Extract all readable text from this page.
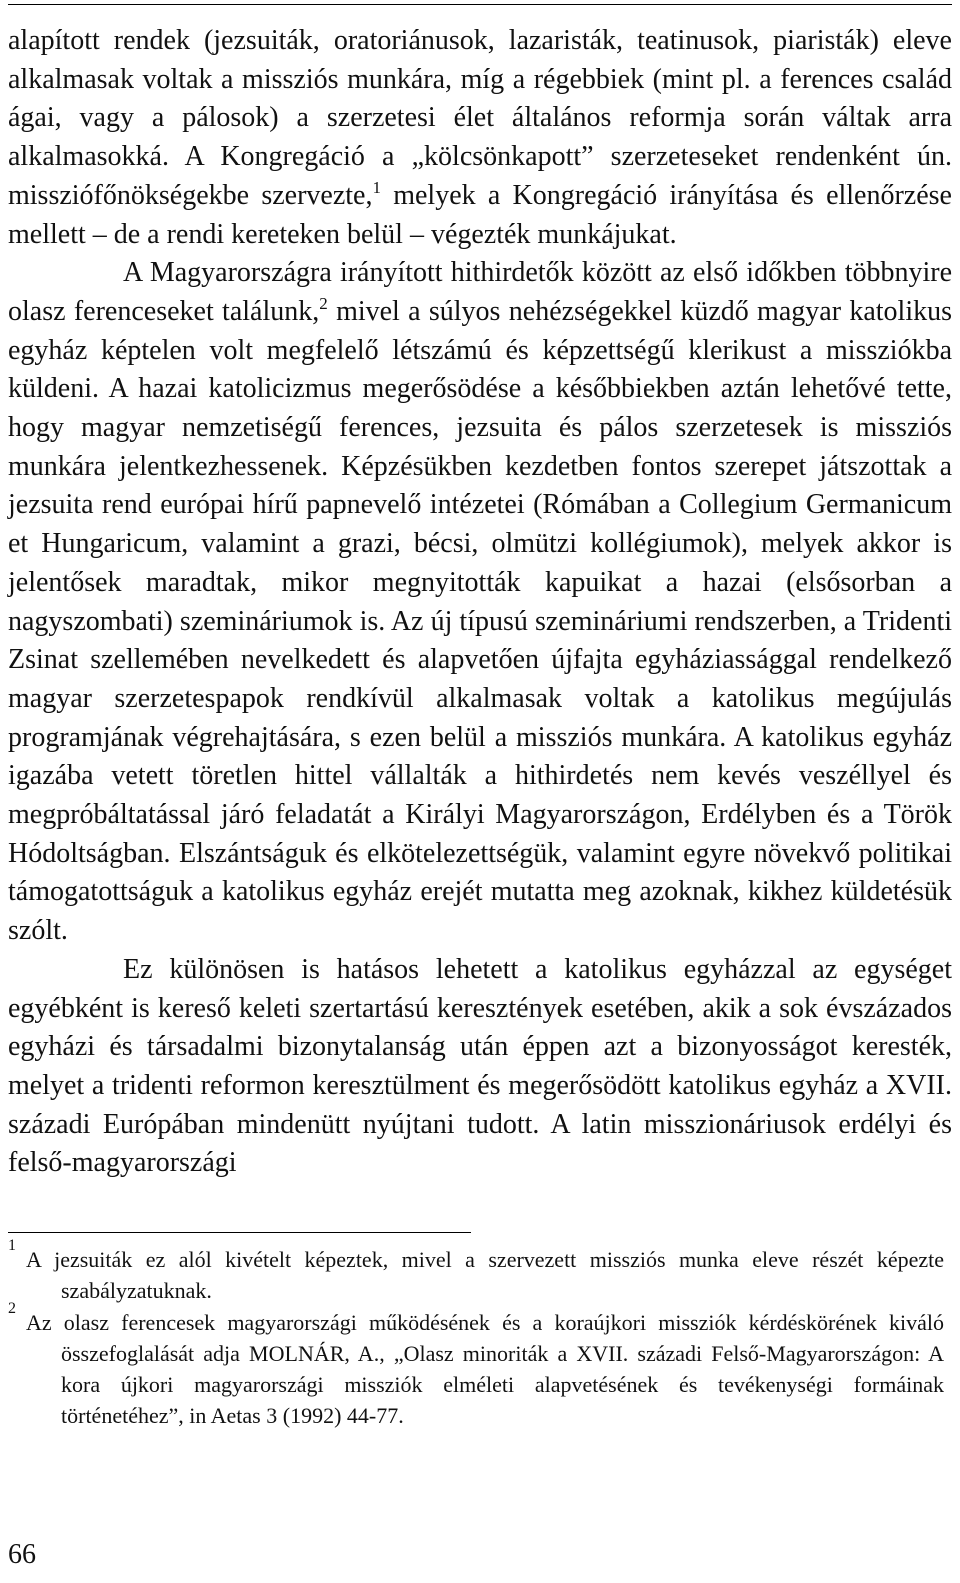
alapított rendek (jezsuiták, oratoriánusok, lazaristák, teatinusok, piaristák) eleve alkalmasak voltak a missziós munkára, míg a régebbiek (mint pl. a ferences család ágai, vagy a pálosok) a szerzetesi élet általános reformja során váltak arra alkalmasokká. A Kongregáció a „kölcsönkapott” szerzeteseket rendenként ún. missziófőnökségekbe szervezte,$^1$ melyek a Kongregáció irányítása és ellenőrzése mellett – de a rendi kereteken belül – végezték munkájukat.

A Magyarországra irányított hithirdetők között az első időkben többnyire olasz ferenceseket találunk,$^2$ mivel a súlyos nehézségekkel küzdő magyar katolikus egyház képtelen volt megfelelő létszámú és képzettségű klerikust a missziókba küldeni. A hazai katolicizmus megerősödése a későbbiekben aztán lehetővé tette, hogy magyar nemzetiségű ferences, jezsuita és pálos szerzetesek is missziós munkára jelentkezhessenek. Képzésükben kezdetben fontos szerepet játszottak a jezsuita rend európai hírű papnevelő intézetei (Rómában a Collegium Germanicum et Hungaricum, valamint a grazi, bécsi, olmützi kollégiumok), melyek akkor is jelentősek maradtak, mikor megnyitották kapuikat a hazai (elsősorban a nagyszombati) szemináriumok is. Az új típusú szemináriumi rendszerben, a Tridenti Zsinat szellemében nevelkedett és alapvetően újfajta egyháziassággal rendelkező magyar szerzetespapok rendkívül alkalmasak voltak a katolikus megújulás programjának végrehajtására, s ezen belül a missziós munkára. A katolikus egyház igazába vetett töretlen hittel vállalták a hithirdetés nem kevés veszéllyel és megpróbáltatással járó feladatát a Királyi Magyarországon, Erdélyben és a Török Hódoltságban. Elszántságuk és elkötelezettségük, valamint egyre növekvő politikai támogatottságuk a katolikus egyház erejét mutatta meg azoknak, kikhez küldetésük szólt.

Ez különösen is hatásos lehetett a katolikus egyházzal az egységet egyébként is kereső keleti szertartású keresztények esetében, akik a sok évszázados egyházi és társadalmi bizonytalanság után éppen azt a bizonyosságot keresték, melyet a tridenti reformon keresztülment és megerősödött katolikus egyház a XVII. századi Európában mindenütt nyújtani tudott. A latin misszionáriusok erdélyi és felső-magyarországi

1
A jezsuiták ez alól kivételt képeztek, mivel a szervezett missziós munka eleve részét képezte szabályzatuknak.

2
Az olasz ferencesek magyarországi működésének és a koraújkori missziók kérdéskörének kiváló összefoglalását adja MOLNÁR, A., „Olasz minoriták a XVII. századi Felső-Magyarországon: A kora újkori magyarországi missziók elméleti alapvetésének és tevékenységi formáinak történetéhez”, in Aetas 3 (1992) 44-77.

66
